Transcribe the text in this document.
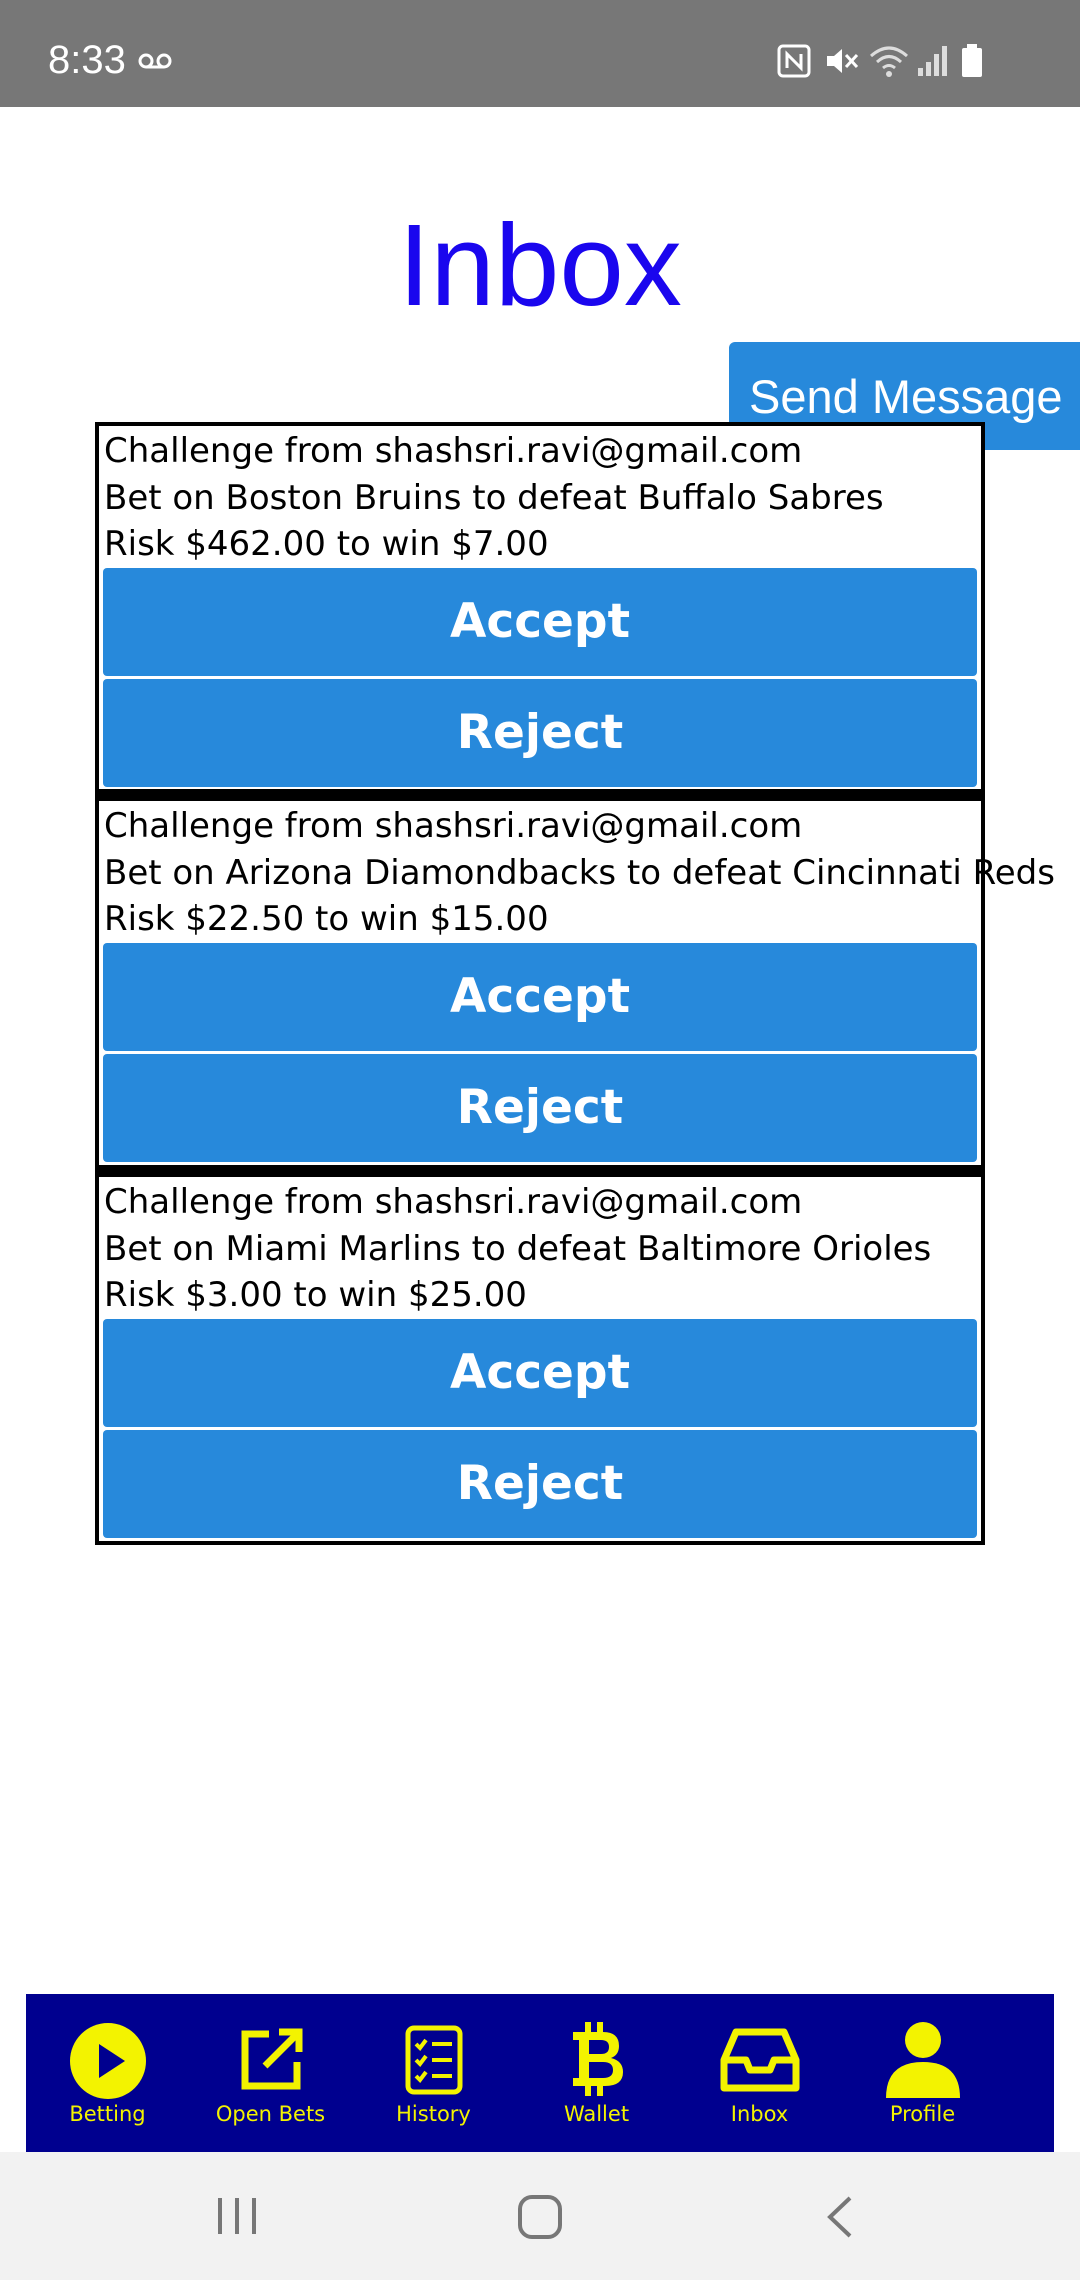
8:33
Inbox
Send Message
Challenge from shashsri.ravi@gmail.com
Bet on Boston Bruins to defeat Buffalo Sabres
Risk $462.00 to win $7.00
Accept
Reject
Challenge from shashsri.ravi@gmail.com
Bet on Arizona Diamondbacks to defeat Cincinnati Reds
Risk $22.50 to win $15.00
Accept
Reject
Challenge from shashsri.ravi@gmail.com
Bet on Miami Marlins to defeat Baltimore Orioles
Risk $3.00 to win $25.00
Accept
Reject
Betting	Open Bets	History	Wallet	Inbox	Profile
